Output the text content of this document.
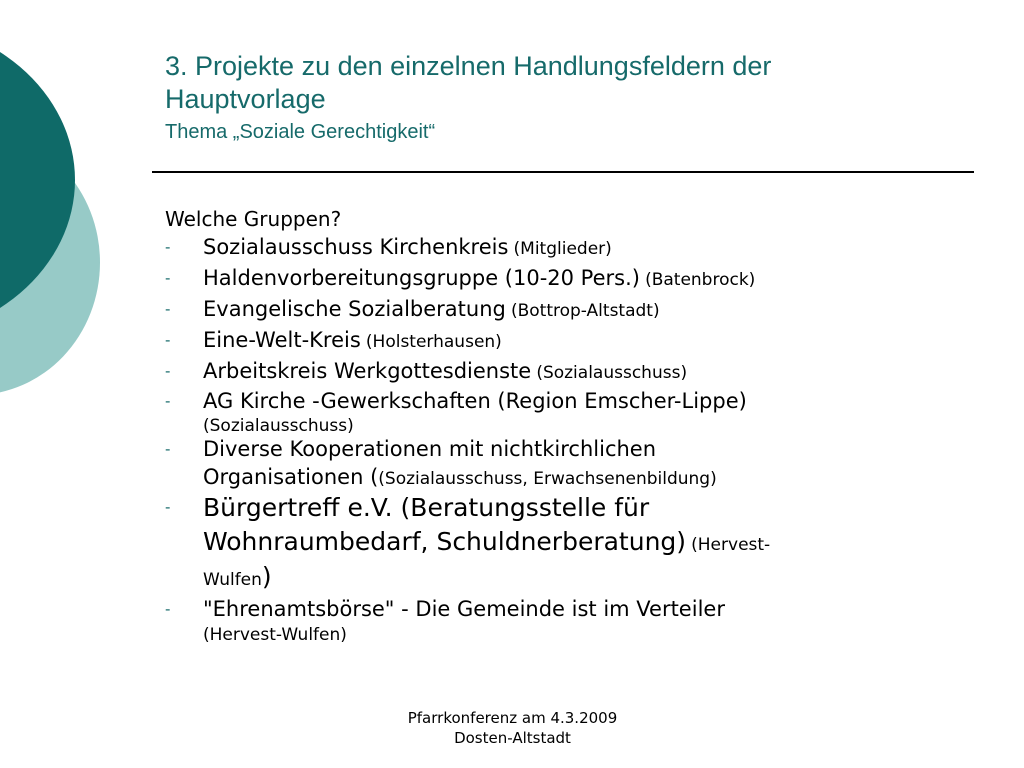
3. Projekte zu den einzelnen Handlungsfeldern der
Hauptvorlage

Thema „Soziale Gerechtigkeit“

Welche Gruppen?

- Sozialausschuss Kirchenkreis (Mitglieder)
- Haldenvorbereitungsgruppe (10-20 Pers.) (Batenbrock)
- Evangelische Sozialberatung (Bottrop-Altstadt)
- Eine-Welt-Kreis (Holsterhausen)
- Arbeitskreis Werkgottesdienste (Sozialausschuss)
- AG Kirche -Gewerkschaften (Region Emscher-Lippe)
(Sozialausschuss)
- Diverse Kooperationen mit nichtkirchlichen
Organisationen ((Sozialausschuss, Erwachsenenbildung)
- Bürgertreff e.V. (Beratungsstelle für
Wohnraumbedarf, Schuldnerberatung) (Hervest-
Wulfen)
- "Ehrenamtsbörse" - Die Gemeinde ist im Verteiler
(Hervest-Wulfen)
Pfarrkonferenz am 4.3.2009
Dosten-Altstadt
